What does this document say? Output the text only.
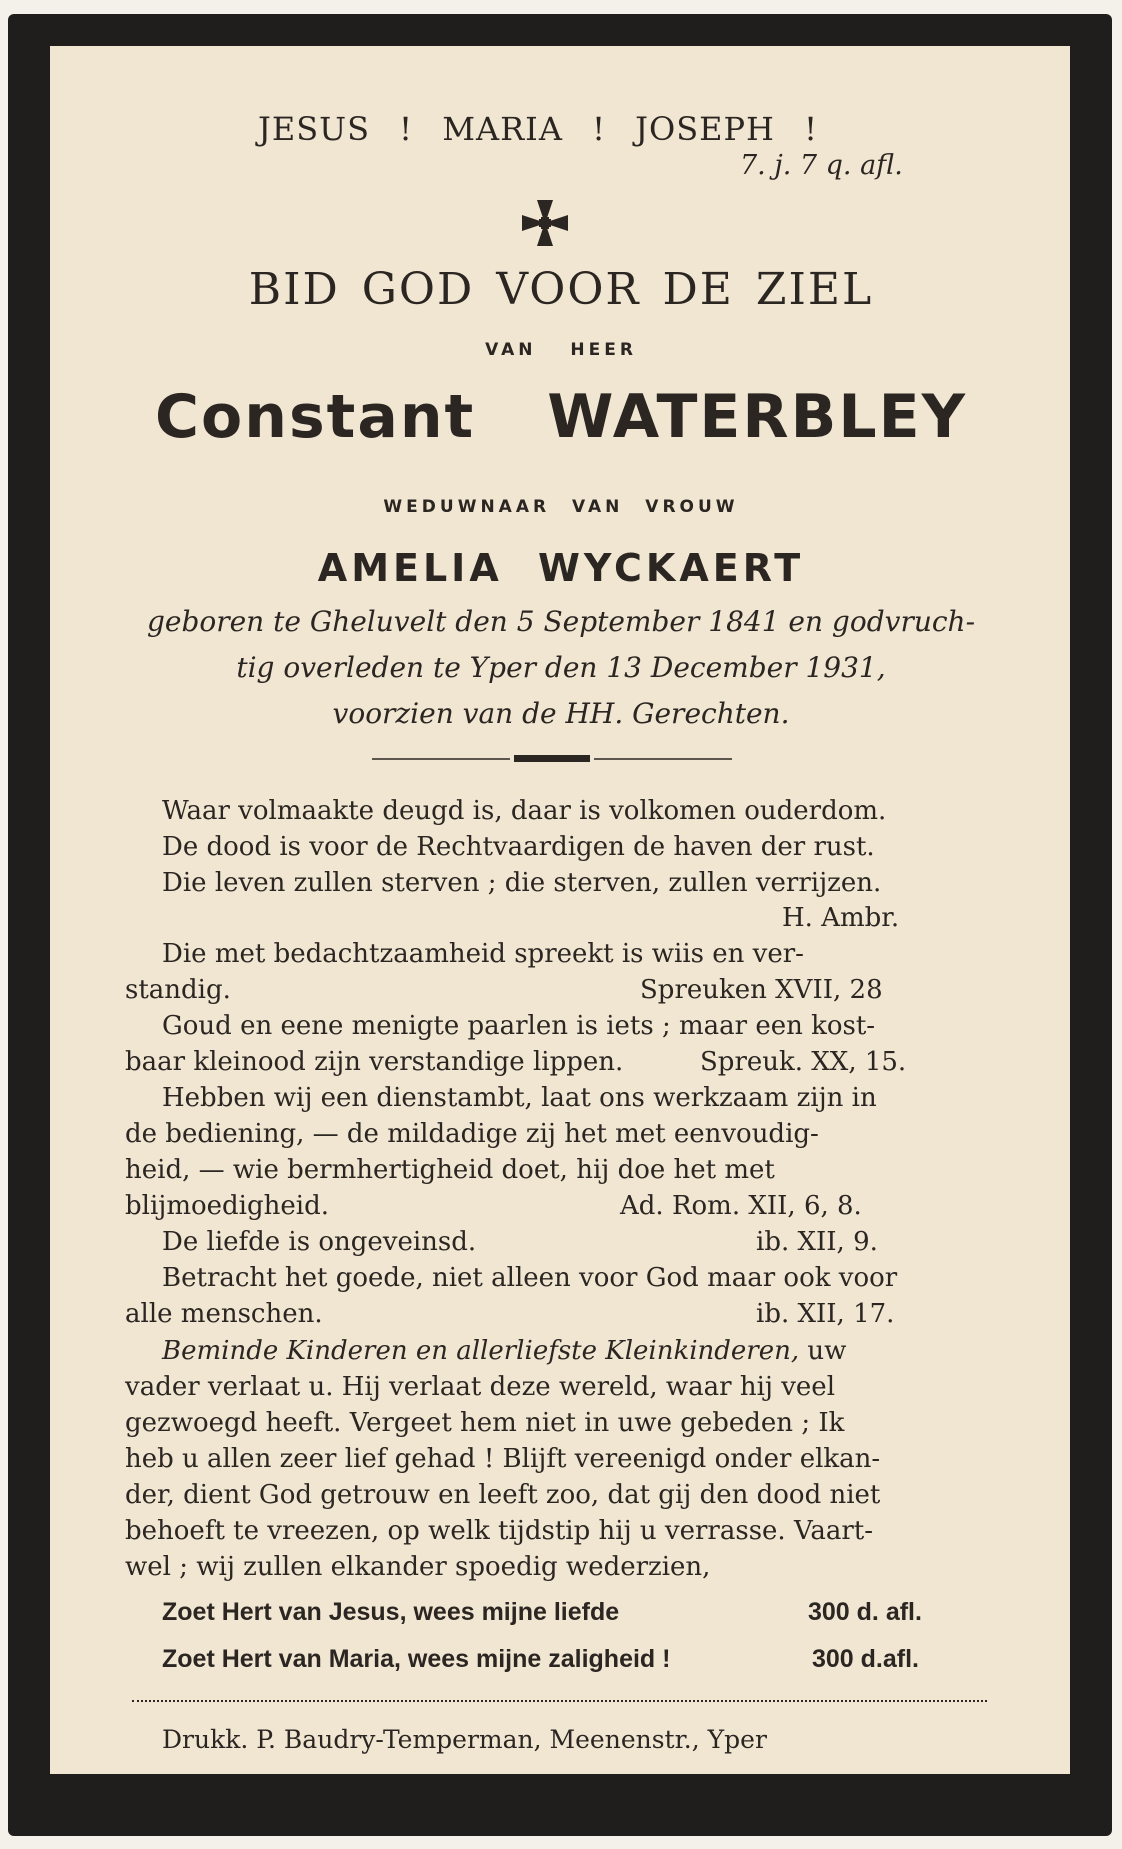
JESUS ! MARIA ! JOSEPH !
7. j. 7 q. afl.
BID GOD VOOR DE ZIEL
VAN HEER
Constant WATERBLEY
WEDUWNAAR VAN VROUW
AMELIA WYCKAERT
geboren te Gheluvelt den 5 September 1841 en godvruch-
tig overleden te Yper den 13 December 1931,
voorzien van de HH. Gerechten.
Waar volmaakte deugd is, daar is volkomen ouderdom.
De dood is voor de Rechtvaardigen de haven der rust.
Die leven zullen sterven ; die sterven, zullen verrijzen.
H. Ambr.
Die met bedachtzaamheid spreekt is wiis en ver-
standig.	Spreuken XVII, 28
Goud en eene menigte paarlen is iets ; maar een kost-
baar kleinood zijn verstandige lippen.	Spreuk. XX, 15.
Hebben wij een dienstambt, laat ons werkzaam zijn in
de bediening, — de mildadige zij het met eenvoudig-
heid, — wie bermhertigheid doet, hij doe het met
blijmoedigheid.	Ad. Rom. XII, 6, 8.
De liefde is ongeveinsd.	ib. XII, 9.
Betracht het goede, niet alleen voor God maar ook voor
alle menschen.	ib. XII, 17.
Beminde Kinderen en allerliefste Kleinkinderen, uw
vader verlaat u. Hij verlaat deze wereld, waar hij veel
gezwoegd heeft. Vergeet hem niet in uwe gebeden ; Ik
heb u allen zeer lief gehad ! Blijft vereenigd onder elkan-
der, dient God getrouw en leeft zoo, dat gij den dood niet
behoeft te vreezen, op welk tijdstip hij u verrasse. Vaart-
wel ; wij zullen elkander spoedig wederzien,
Zoet Hert van Jesus, wees mijne liefde	300 d. afl.
Zoet Hert van Maria, wees mijne zaligheid !	300 d.afl.
Drukk. P. Baudry-Temperman, Meenenstr., Yper
